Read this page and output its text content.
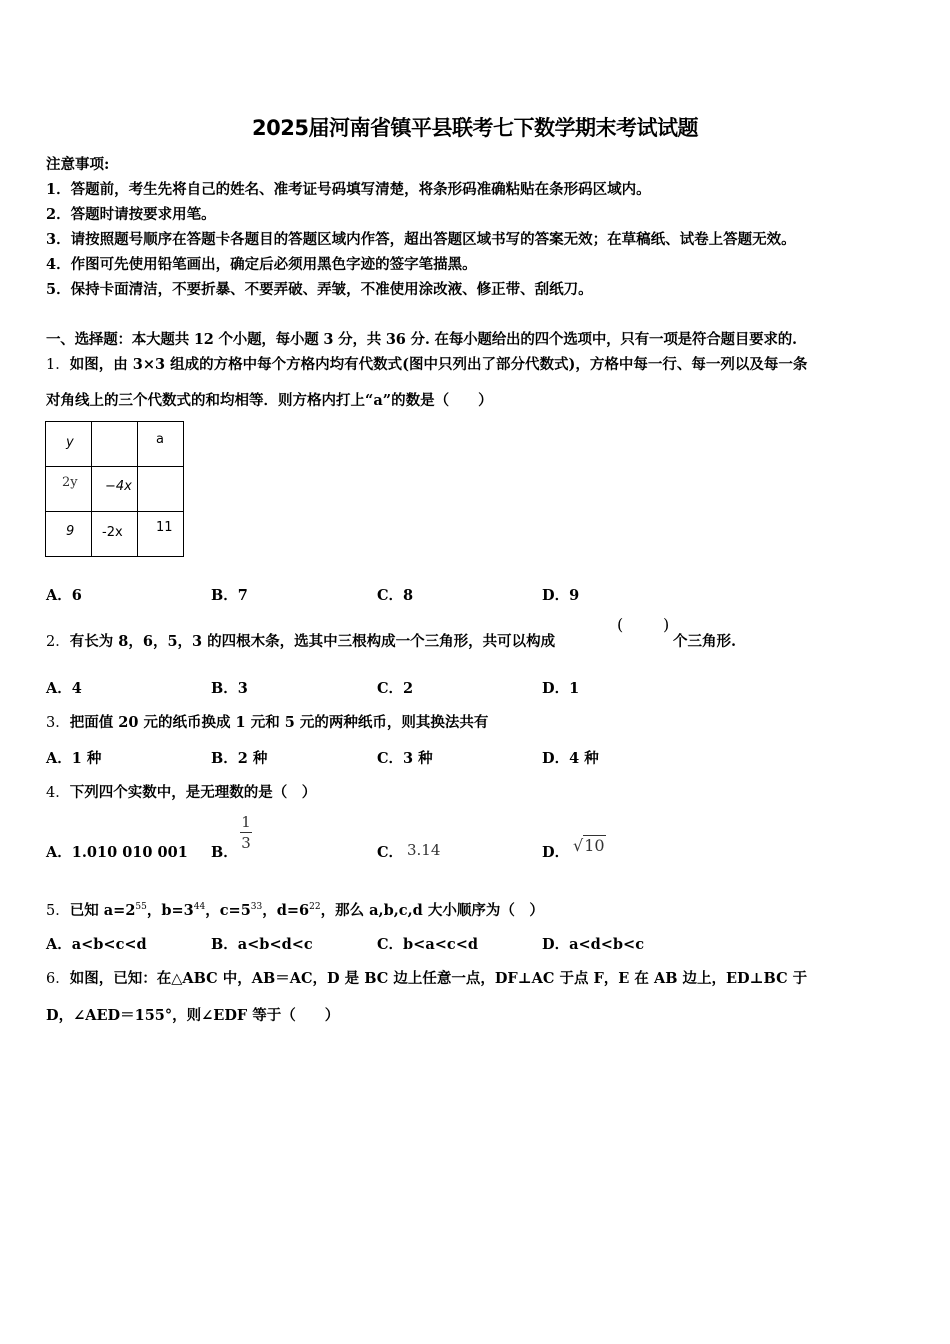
2025届河南省镇平县联考七下数学期末考试试题
注意事项:
1．答题前，考生先将自己的姓名、准考证号码填写清楚，将条形码准确粘贴在条形码区域内。
2．答题时请按要求用笔。
3．请按照题号顺序在答题卡各题目的答题区域内作答，超出答题区域书写的答案无效；在草稿纸、试卷上答题无效。
4．作图可先使用铅笔画出，确定后必须用黑色字迹的签字笔描黑。
5．保持卡面清洁，不要折暴、不要弄破、弄皱，不准使用涂改液、修正带、刮纸刀。
一、选择题：本大题共 12 个小题，每小题 3 分，共 36 分. 在每小题给出的四个选项中，只有一项是符合题目要求的.
1．如图，由 3×3 组成的方格中每个方格内均有代数式(图中只列出了部分代数式)，方格中每一行、每一列以及每一条
对角线上的三个代数式的和均相等．则方格内打上“a”的数是（　　）
y		a

2y	−4x	

9	-2x	11
A．6	B．7	C．8	D．9
2．有长为 8，6，5，3 的四根木条，选其中三根构成一个三角形，共可以构成
( )
个三角形.
A．4	B．3	C．2	D．1
3．把面值 20 元的纸币换成 1 元和 5 元的两种纸币，则其换法共有
A．1 种	B．2 种	C．3 种	D．4 种
4．下列四个实数中，是无理数的是（　）
A．1.010 010 001 B．
1
3
C． 3.14	D． √10
5．已知 $a=2^{55}$，$b=3^{44}$，$c=5^{33}$，$d=6^{22}$，那么 a,b,c,d 大小顺序为（　）
A．a<b<c<d	B．a<b<d<c	C．b<a<c<d	D．a<d<b<c
6．如图，已知：在△ABC 中，AB＝AC，D 是 BC 边上任意一点，DF⊥AC 于点 F，E 在 AB 边上，ED⊥BC 于
D，∠AED＝155°，则∠EDF 等于（　　）
